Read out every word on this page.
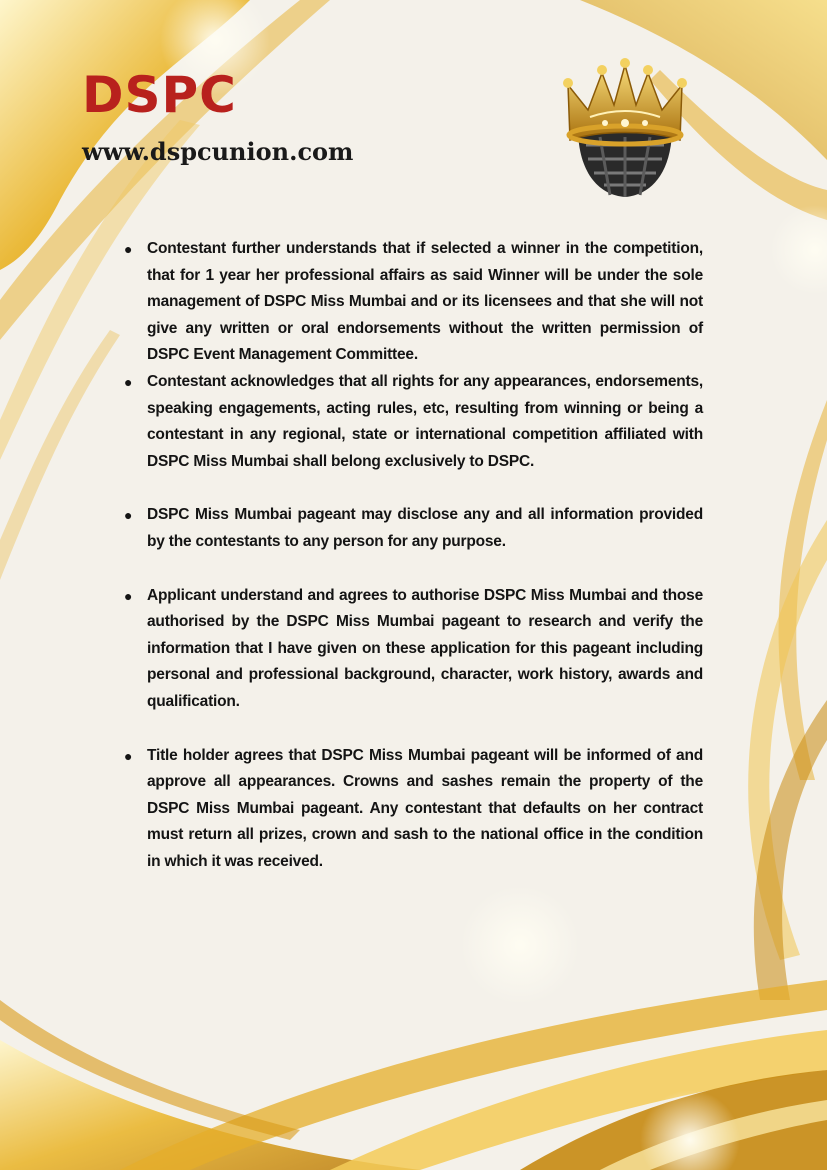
DSPC
www.dspcunion.com
● Contestant further understands that if selected a winner in the competition, that for 1 year her professional affairs as said Winner will be under the sole management of DSPC Miss Mumbai and or its licensees and that she will not give any written or oral endorsements without the written permission of DSPC Event Management Committee.
● Contestant acknowledges that all rights for any appearances, endorsements, speaking engagements, acting rules, etc, resulting from winning or being a contestant in any regional, state or international competition affiliated with DSPC Miss Mumbai shall belong exclusively to DSPC.
● DSPC Miss Mumbai pageant may disclose any and all information provided by the contestants to any person for any purpose.
● Applicant understand and agrees to authorise DSPC Miss Mumbai and those authorised by the DSPC Miss Mumbai pageant to research and verify the information that I have given on these application for this pageant including personal and professional background, character, work history, awards and qualification.
● Title holder agrees that DSPC Miss Mumbai pageant will be informed of and approve all appearances. Crowns and sashes remain the property of the DSPC Miss Mumbai pageant. Any contestant that defaults on her contract must return all prizes, crown and sash to the national office in the condition in which it was received.
